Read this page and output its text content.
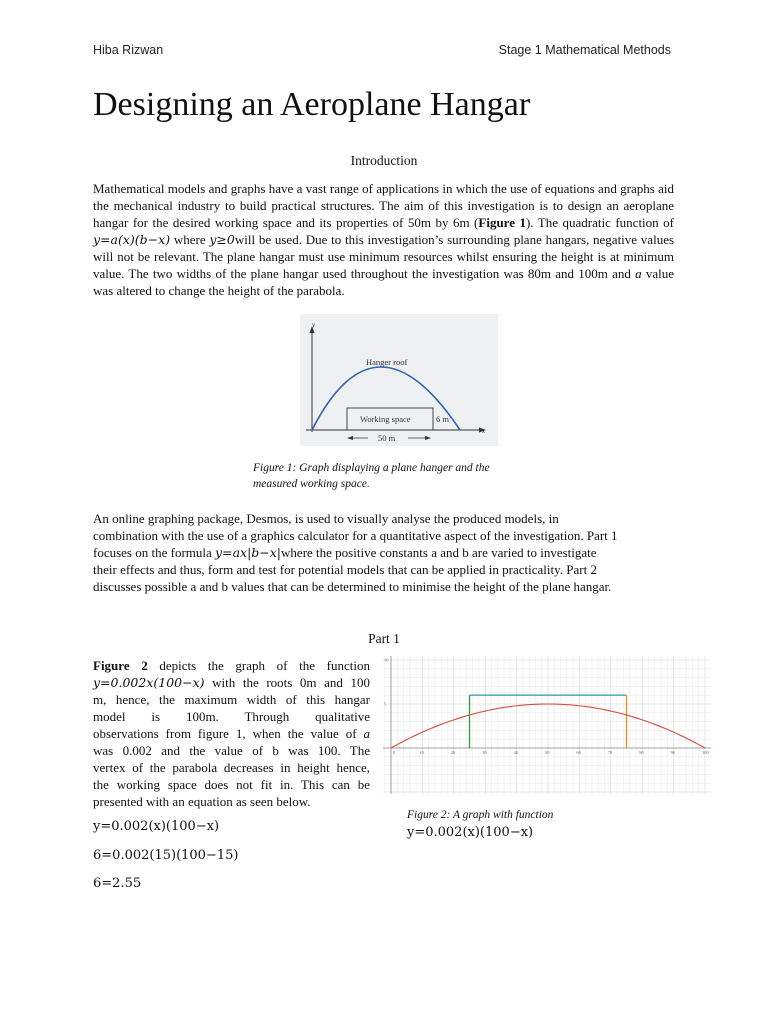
Hiba Rizwan	Stage 1 Mathematical Methods
Designing an Aeroplane Hangar
Introduction
Mathematical models and graphs have a vast range of applications in which the use of equations and graphs aid the mechanical industry to build practical structures. The aim of this investigation is to design an aeroplane hangar for the desired working space and its properties of 50m by 6m (Figure 1). The quadratic function of y=a(x)(b−x) where y≥0will be used. Due to this investigation’s surrounding plane hangars, negative values will not be relevant. The plane hangar must use minimum resources whilst ensuring the height is at minimum value. The two widths of the plane hangar used throughout the investigation was 80m and 100m and a value was altered to change the height of the parabola.
y
x
Hanger roof
Working space	6 m
50 m
Figure 1: Graph displaying a plane hanger and the
measured working space.
An online graphing package, Desmos, is used to visually analyse the produced models, in
combination with the use of a graphics calculator for a quantitative aspect of the investigation. Part 1
focuses on the formula y=ax|b−x|where the positive constants a and b are varied to investigate
their effects and thus, form and test for potential models that can be applied in practicality. Part 2
discusses possible a and b values that can be determined to minimise the height of the plane hangar.
Part 1
Figure 2 depicts the graph of the function
y=0.002x(100−x) with the roots 0m and 100
m, hence, the maximum width of this hangar
model is 100m. Through qualitative
observations from figure 1, when the value of a
was 0.002 and the value of b was 100. The
vertex of the parabola decreases in height hence,
the working space does not fit in. This can be
presented with an equation as seen below.
y=0.002(x)(100−x)
6=0.002(15)(100−15)
6=2.55
0	10	20	30	40	50	60	70	80	90	100
5
10
Figure 2: A graph with function
y=0.002(x)(100−x)
